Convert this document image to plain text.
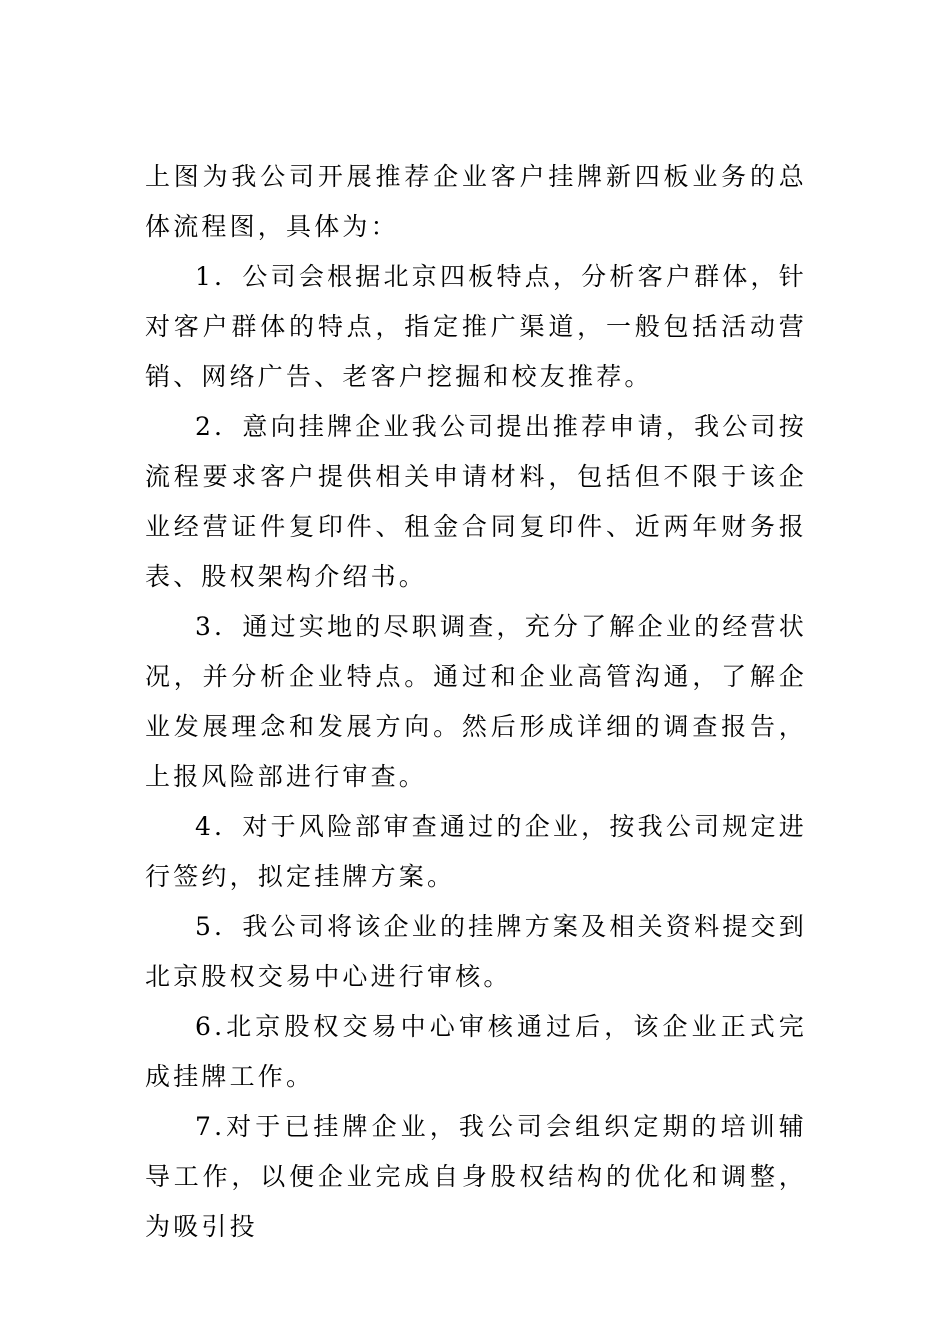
上图为我公司开展推荐企业客户挂牌新四板业务的总体流程图，具体为：

1．公司会根据北京四板特点，分析客户群体，针对客户群体的特点，指定推广渠道，一般包括活动营销、网络广告、老客户挖掘和校友推荐。

2．意向挂牌企业我公司提出推荐申请，我公司按流程要求客户提供相关申请材料，包括但不限于该企业经营证件复印件、租金合同复印件、近两年财务报表、股权架构介绍书。

3．通过实地的尽职调查，充分了解企业的经营状况，并分析企业特点。通过和企业高管沟通，了解企业发展理念和发展方向。然后形成详细的调查报告，上报风险部进行审查。

4．对于风险部审查通过的企业，按我公司规定进行签约，拟定挂牌方案。

5．我公司将该企业的挂牌方案及相关资料提交到北京股权交易中心进行审核。

6.北京股权交易中心审核通过后，该企业正式完成挂牌工作。

7.对于已挂牌企业，我公司会组织定期的培训辅导工作，以便企业完成自身股权结构的优化和调整，为吸引投
